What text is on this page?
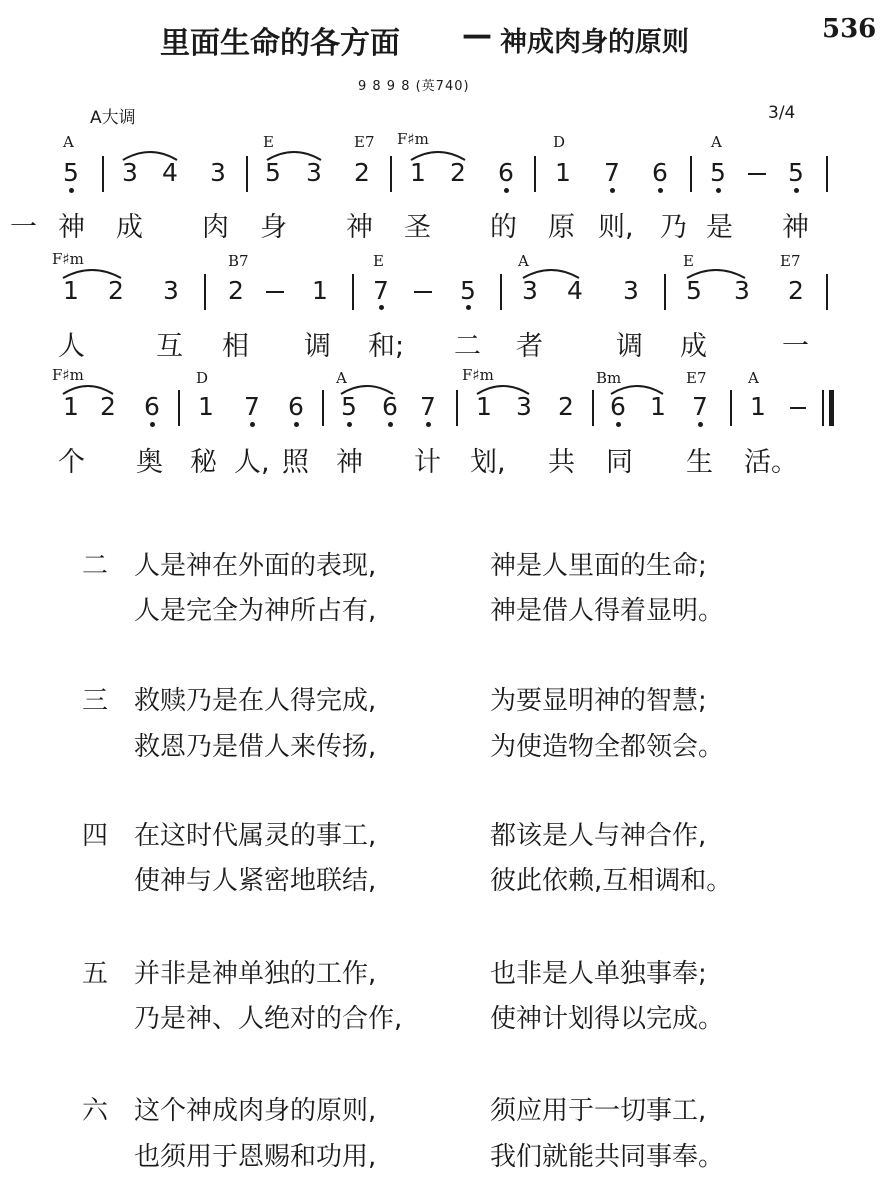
里面生命的各方面 — 神成肉身的原则	536
9 8 9 8 (英740)
A大调	3/4
A	E	E7 F♯m	D	A
5 3 4 3 5 3 2 1 2 6 1 7 6 5 5
一 神 成 肉 身 神 圣 的 原 则, 乃 是 神
F♯m	B7	E	A	E	E7
1 2 3 2	1 7	5 3 4 3 5 3 2
人	互 相 调 和; 二 者	调 成	一
F♯m	D	A	F♯m	Bm	E7	A
1 2 6 1 7 6 5 6 7 1 3 2 6 1 7 1
个 奥 秘 人, 照 神 计 划, 共 同 生 活。
二 人是神在外面的表现,	神是人里面的生命;
人是完全为神所占有,	神是借人得着显明。
三 救赎乃是在人得完成,	为要显明神的智慧;
救恩乃是借人来传扬,	为使造物全都领会。
四 在这时代属灵的事工,	都该是人与神合作,
使神与人紧密地联结,	彼此依赖,互相调和。
五 并非是神单独的工作,	也非是人单独事奉;
乃是神、人绝对的合作,	使神计划得以完成。
六 这个神成肉身的原则,	须应用于一切事工,
也须用于恩赐和功用,	我们就能共同事奉。
